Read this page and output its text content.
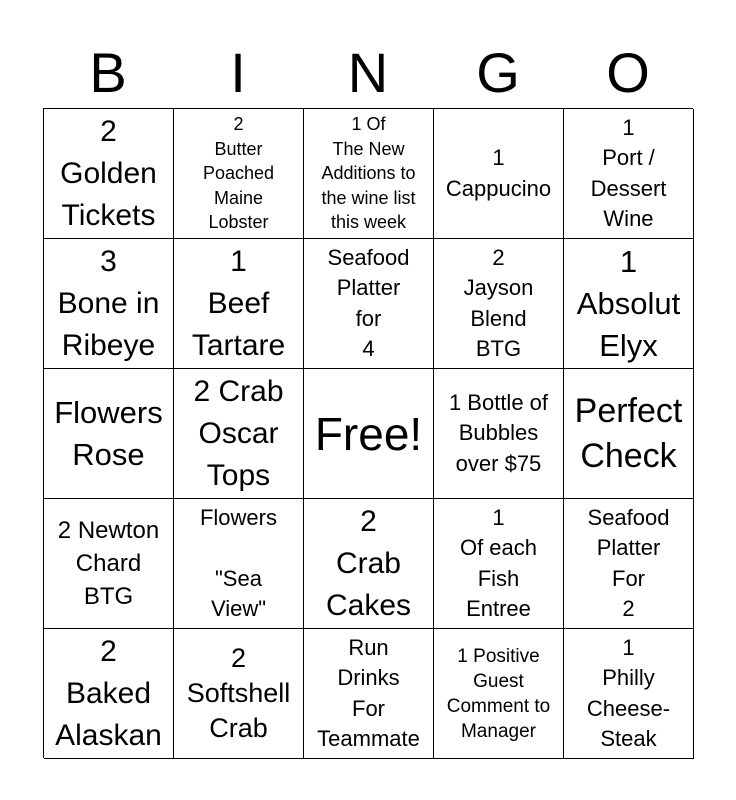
B	I	N	G	O
2
Golden
Tickets
2
Butter
Poached
Maine
Lobster
1 Of
The New
Additions to
the wine list
this week
1
Cappucino
1
Port /
Dessert
Wine
3
Bone in
Ribeye
1
Beef
Tartare
Seafood
Platter
for
4
2
Jayson
Blend
BTG
1
Absolut
Elyx
Flowers
Rose
2 Crab
Oscar
Tops
Free!
1 Bottle of
Bubbles
over $75
Perfect
Check
2 Newton
Chard
BTG
Flowers

"Sea
View"
2
Crab
Cakes
1
Of each
Fish
Entree
Seafood
Platter
For
2
2
Baked
Alaskan
2
Softshell
Crab
Run
Drinks
For
Teammate
1 Positive
Guest
Comment to
Manager
1
Philly
Cheese-
Steak
